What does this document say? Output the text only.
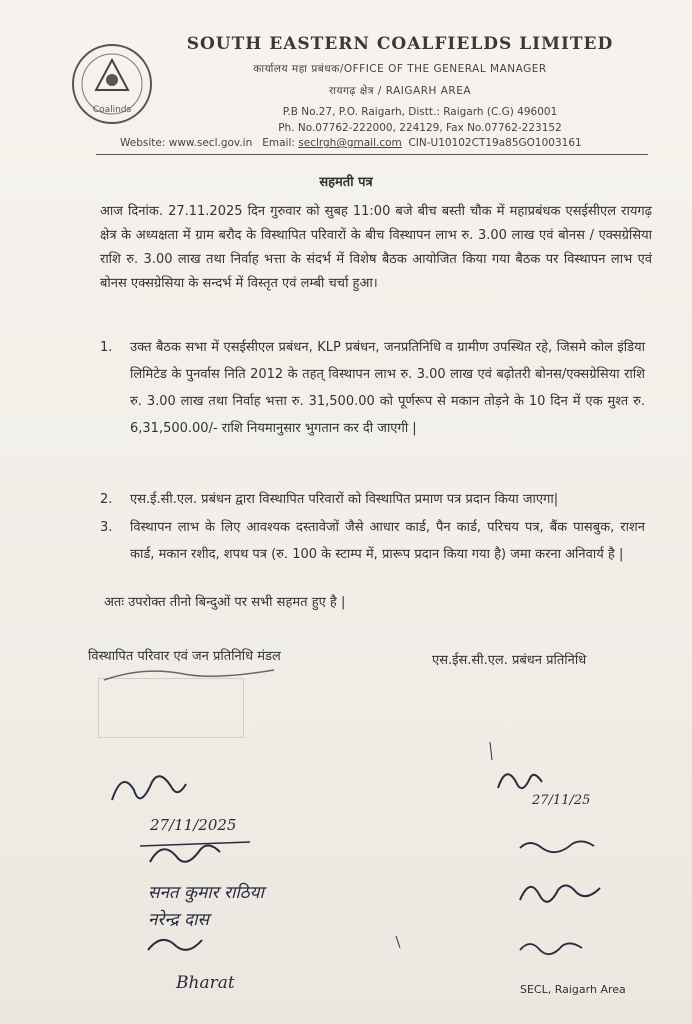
Coalinds
SOUTH EASTERN COALFIELDS LIMITED
कार्यालय महा प्रबंधक/OFFICE OF THE GENERAL MANAGER
रायगढ़ क्षेत्र / RAIGARH AREA
P.B No.27, P.O. Raigarh, Distt.: Raigarh (C.G) 496001
Ph. No.07762-222000, 224129, Fax No.07762-223152
Website: www.secl.gov.in Email: seclrgh@gmail.com CIN-U10102CT19a85GO1003161
सहमती पत्र

आज दिनांक. 27.11.2025 दिन गुरुवार को सुबह 11:00 बजे बीच बस्ती चौक में महाप्रबंधक एसईसीएल रायगढ़ क्षेत्र के अध्यक्षता में ग्राम बरौद के विस्थापित परिवारों के बीच विस्थापन लाभ रु. 3.00 लाख एवं बोनस / एक्सग्रेसिया राशि रु. 3.00 लाख तथा निर्वाह भत्ता के संदर्भ में विशेष बैठक आयोजित किया गया बैठक पर विस्थापन लाभ एवं बोनस एक्सग्रेसिया के सन्दर्भ में विस्तृत एवं लम्बी चर्चा हुआ।

1.	उक्त बैठक सभा में एसईसीएल प्रबंधन, KLP प्रबंधन, जनप्रतिनिधि व ग्रामीण उपस्थित रहे, जिसमे कोल इंडिया लिमिटेड के पुनर्वास निति 2012 के तहत् विस्थापन लाभ रु. 3.00 लाख एवं बढ़ोतरी बोनस/एक्सग्रेसिया राशि रु. 3.00 लाख तथा निर्वाह भत्ता रु. 31,500.00 को पूर्णरूप से मकान तोड़ने के 10 दिन में एक मुश्त रु. 6,31,500.00/- राशि नियमानुसार भुगतान कर दी जाएगी |
2.	एस.ई.सी.एल. प्रबंधन द्वारा विस्थापित परिवारों को विस्थापित प्रमाण पत्र प्रदान किया जाएगा|
3.	विस्थापन लाभ के लिए आवश्यक दस्तावेजों जैसे आधार कार्ड, पैन कार्ड, परिचय पत्र, बैंक पासबुक, राशन कार्ड, मकान रशीद, शपथ पत्र (रु. 100 के स्टाम्प में, प्रारूप प्रदान किया गया है) जमा करना अनिवार्य है |
अतः उपरोक्त तीनो बिन्दुओं पर सभी सहमत हुए है |
विस्थापित परिवार एवं जन प्रतिनिधि मंडल	एस.ईस.सी.एल. प्रबंधन प्रतिनिधि
27/11/2025
सनत कुमार राठिया
नरेन्द्र दास
Bharat
27/11/25
SECL, Raigarh Area
